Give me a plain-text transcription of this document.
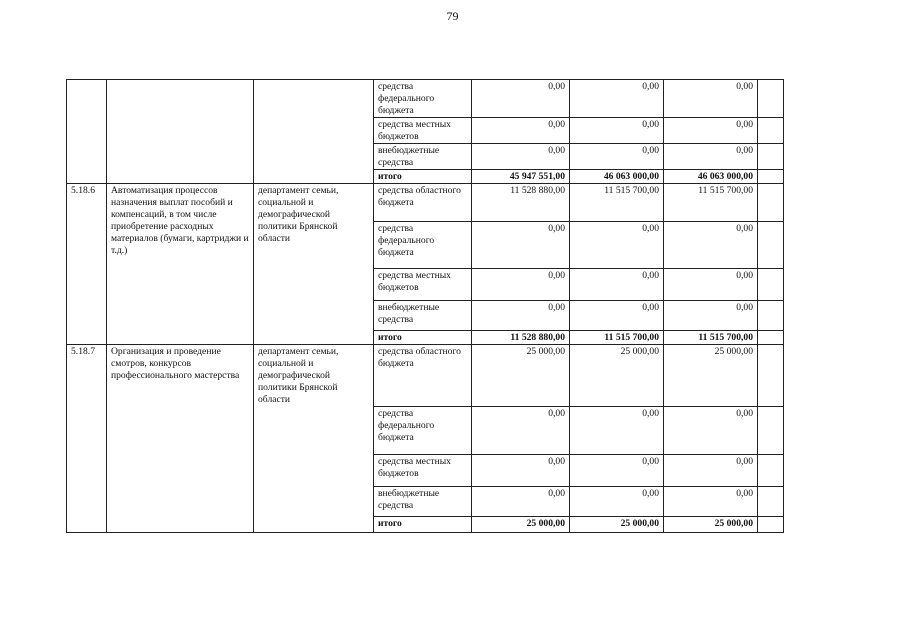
79
			средства федерального бюджета	0,00	0,00	0,00	
			средства местных бюджетов	0,00	0,00	0,00	
			внебюджетные средства	0,00	0,00	0,00	
			итого	45 947 551,00	46 063 000,00	46 063 000,00	
5.18.6	Автоматизация процессов назначения выплат пособий и компенсаций, в том числе приобретение расходных материалов (бумаги, картриджи и т.д.)	департамент семьи, социальной и демографической политики Брянской области	средства областного бюджета	11 528 880,00	11 515 700,00	11 515 700,00	
			средства федерального бюджета	0,00	0,00	0,00	
			средства местных бюджетов	0,00	0,00	0,00	
			внебюджетные средства	0,00	0,00	0,00	
			итого	11 528 880,00	11 515 700,00	11 515 700,00	
5.18.7	Организация и проведение смотров, конкурсов профессионального мастерства	департамент семьи, социальной и демографической политики Брянской области	средства областного бюджета	25 000,00	25 000,00	25 000,00	
			средства федерального бюджета	0,00	0,00	0,00	
			средства местных бюджетов	0,00	0,00	0,00	
			внебюджетные средства	0,00	0,00	0,00	
			итого	25 000,00	25 000,00	25 000,00	
